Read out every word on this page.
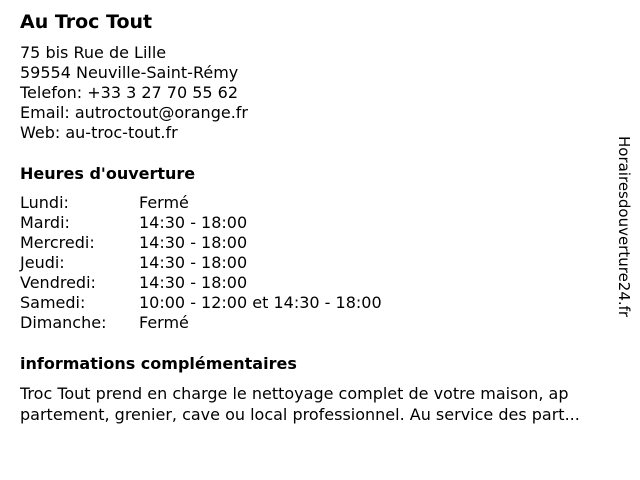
Au Troc Tout
75 bis Rue de Lille
59554 Neuville-Saint-Rémy
Telefon: +33 3 27 70 55 62
Email: autroctout@orange.fr
Web: au-troc-tout.fr
Heures d'ouverture
Lundi:	Fermé
Mardi:	14:30 - 18:00
Mercredi:	14:30 - 18:00
Jeudi:	14:30 - 18:00
Vendredi:	14:30 - 18:00
Samedi:	10:00 - 12:00 et 14:30 - 18:00
Dimanche: Fermé
informations complémentaires
Troc Tout prend en charge le nettoyage complet de votre maison, ap
partement, grenier, cave ou local professionnel. Au service des part...
Horairesdouverture24.fr
